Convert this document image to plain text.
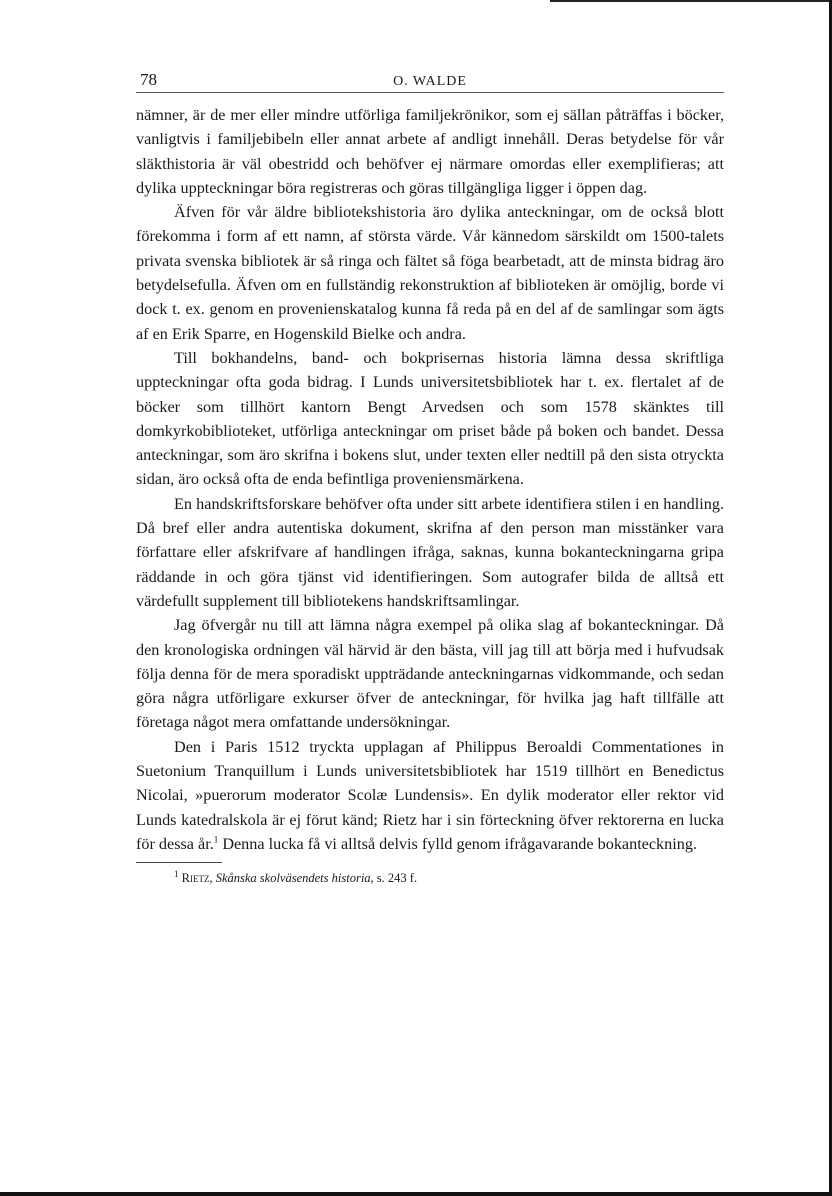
78	O. WALDE

nämner, är de mer eller mindre utförliga familjekrönikor, som ej sällan påträffas i böcker, vanligtvis i familjebibeln eller annat arbete af andligt innehåll. Deras betydelse för vår släkthistoria är väl obestridd och behöfver ej närmare omordas eller exemplifieras; att dylika uppteckningar böra registreras och göras tillgängliga ligger i öppen dag.

Äfven för vår äldre bibliotekshistoria äro dylika anteckningar, om de också blott förekomma i form af ett namn, af största värde. Vår kännedom särskildt om 1500-talets privata svenska bibliotek är så ringa och fältet så föga bearbetadt, att de minsta bidrag äro betydelsefulla. Äfven om en fullständig rekonstruktion af biblioteken är omöjlig, borde vi dock t. ex. genom en provenienskatalog kunna få reda på en del af de samlingar som ägts af en Erik Sparre, en Hogenskild Bielke och andra.

Till bokhandelns, band- och bokprisernas historia lämna dessa skriftliga uppteckningar ofta goda bidrag. I Lunds universitetsbibliotek har t. ex. flertalet af de böcker som tillhört kantorn Bengt Arvedsen och som 1578 skänktes till domkyrkobiblioteket, utförliga anteckningar om priset både på boken och bandet. Dessa anteckningar, som äro skrifna i bokens slut, under texten eller nedtill på den sista otryckta sidan, äro också ofta de enda befintliga proveniensmärkena.

En handskriftsforskare behöfver ofta under sitt arbete identifiera stilen i en handling. Då bref eller andra autentiska dokument, skrifna af den person man misstänker vara författare eller afskrifvare af handlingen ifråga, saknas, kunna bokanteckningarna gripa räddande in och göra tjänst vid identifieringen. Som autografer bilda de alltså ett värdefullt supplement till bibliotekens handskriftsamlingar.

Jag öfvergår nu till att lämna några exempel på olika slag af bokanteckningar. Då den kronologiska ordningen väl härvid är den bästa, vill jag till att börja med i hufvudsak följa denna för de mera sporadiskt uppträdande anteckningarnas vidkommande, och sedan göra några utförligare exkurser öfver de anteckningar, för hvilka jag haft tillfälle att företaga något mera omfattande undersökningar.

Den i Paris 1512 tryckta upplagan af Philippus Beroaldi Commentationes in Suetonium Tranquillum i Lunds universitetsbibliotek har 1519 tillhört en Benedictus Nicolai, »puerorum moderator Scolæ Lundensis». En dylik moderator eller rektor vid Lunds katedralskola är ej förut känd; Rietz har i sin förteckning öfver rektorerna en lucka för dessa år.$^1$ Denna lucka få vi alltså delvis fylld genom ifrågavarande bokanteckning.

$^1$ Rietz, Skånska skolväsendets historia, s. 243 f.
